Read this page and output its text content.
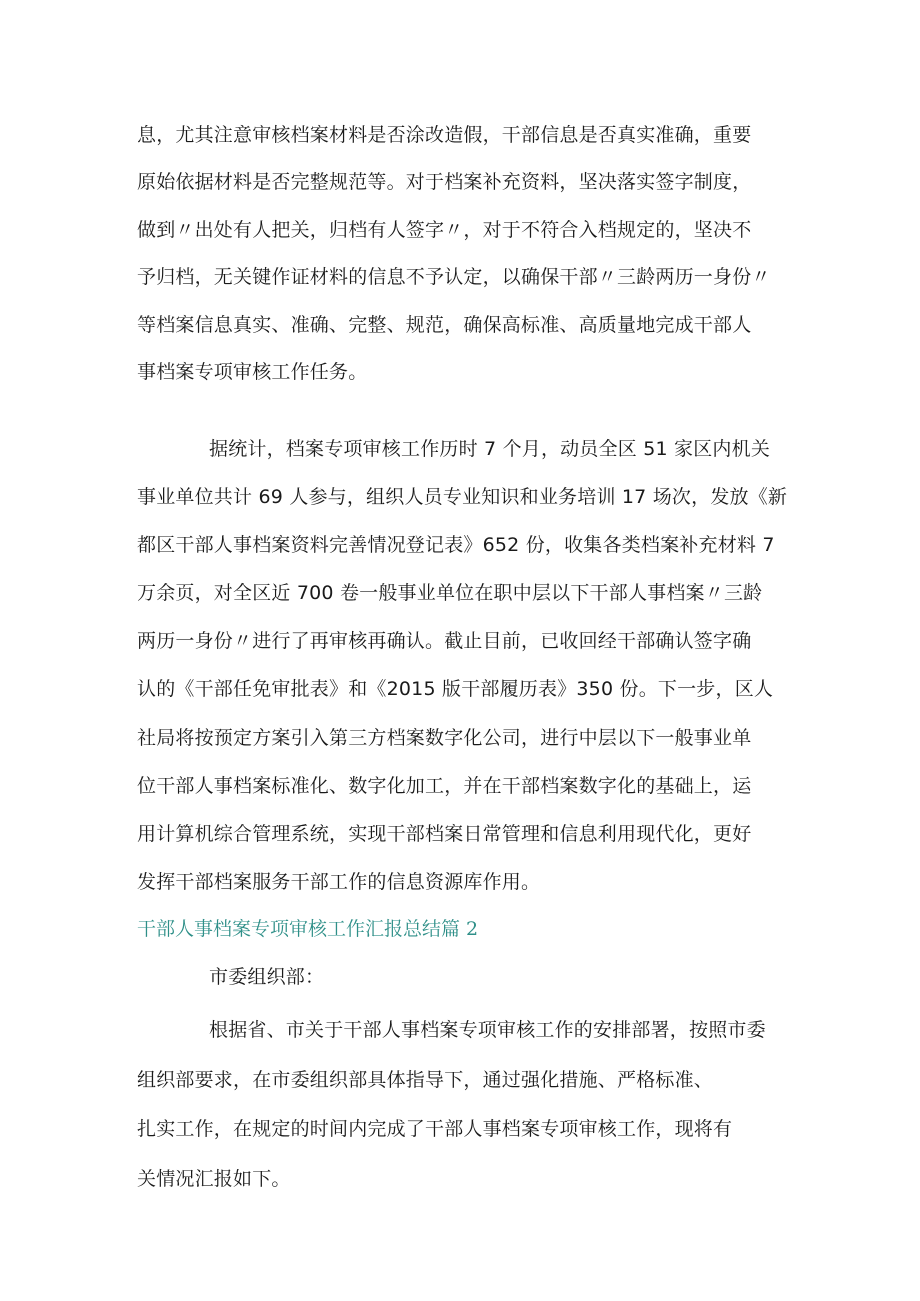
息，尤其注意审核档案材料是否涂改造假，干部信息是否真实准确，重要
原始依据材料是否完整规范等。对于档案补充资料，坚决落实签字制度，
做到〃出处有人把关，归档有人签字〃，对于不符合入档规定的，坚决不
予归档，无关键作证材料的信息不予认定，以确保干部〃三龄两历一身份〃
等档案信息真实、准确、完整、规范，确保高标准、高质量地完成干部人
事档案专项审核工作任务。
据统计，档案专项审核工作历时 7 个月，动员全区 51 家区内机关
事业单位共计 69 人参与，组织人员专业知识和业务培训 17 场次，发放《新
都区干部人事档案资料完善情况登记表》652 份，收集各类档案补充材料 7
万余页，对全区近 700 卷一般事业单位在职中层以下干部人事档案〃三龄
两历一身份〃进行了再审核再确认。截止目前，已收回经干部确认签字确
认的《干部任免审批表》和《2015 版干部履历表》350 份。下一步，区人
社局将按预定方案引入第三方档案数字化公司，进行中层以下一般事业单
位干部人事档案标准化、数字化加工，并在干部档案数字化的基础上，运
用计算机综合管理系统，实现干部档案日常管理和信息利用现代化，更好
发挥干部档案服务干部工作的信息资源库作用。
干部人事档案专项审核工作汇报总结篇 2
市委组织部：
根据省、市关于干部人事档案专项审核工作的安排部署，按照市委
组织部要求，在市委组织部具体指导下，通过强化措施、严格标准、
扎实工作，在规定的时间内完成了干部人事档案专项审核工作，现将有
关情况汇报如下。
